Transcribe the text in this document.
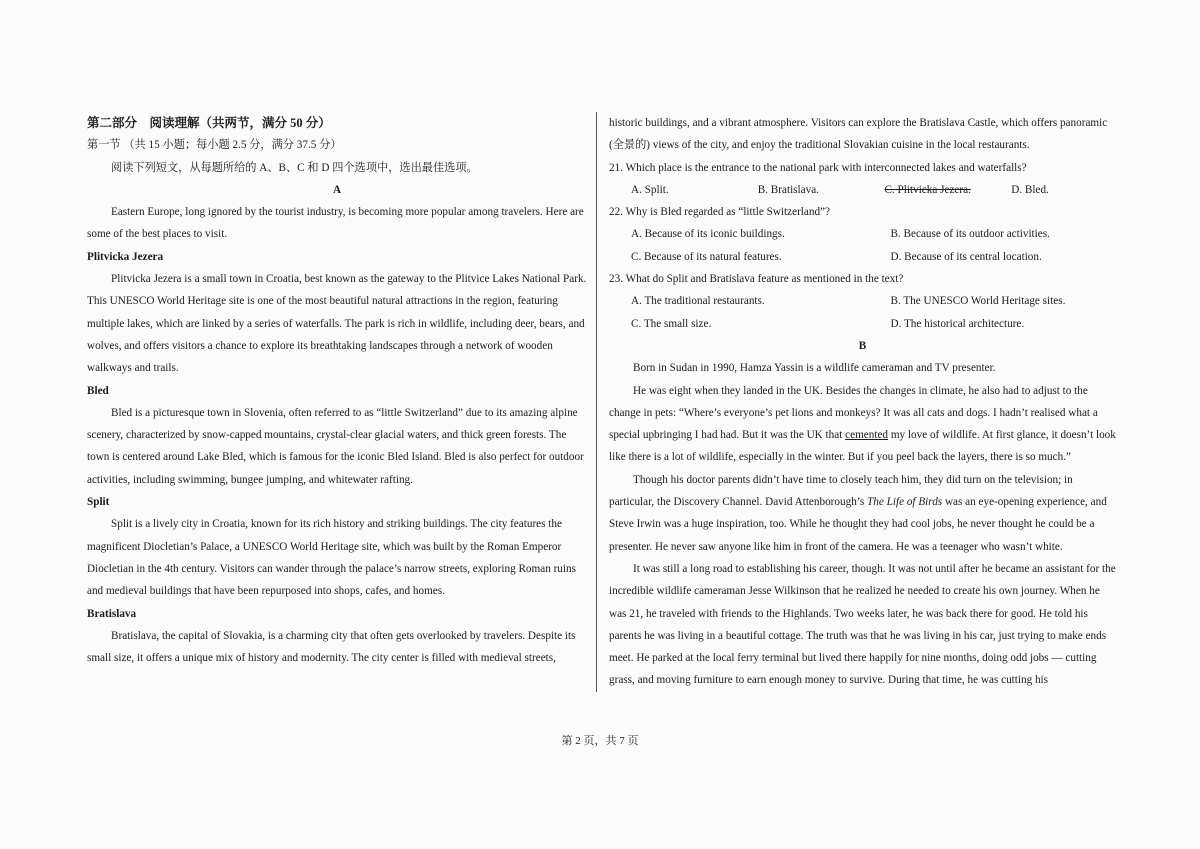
第二部分　阅读理解（共两节，满分 50 分）

第一节 （共 15 小题；每小题 2.5 分，满分 37.5 分）

阅读下列短文，从每题所给的 A、B、C 和 D 四个选项中，选出最佳选项。

A

Eastern Europe, long ignored by the tourist industry, is becoming more popular among travelers. Here are some of the best places to visit.

Plitvicka Jezera

Plitvicka Jezera is a small town in Croatia, best known as the gateway to the Plitvice Lakes National Park. This UNESCO World Heritage site is one of the most beautiful natural attractions in the region, featuring multiple lakes, which are linked by a series of waterfalls. The park is rich in wildlife, including deer, bears, and wolves, and offers visitors a chance to explore its breathtaking landscapes through a network of wooden walkways and trails.

Bled

Bled is a picturesque town in Slovenia, often referred to as “little Switzerland” due to its amazing alpine scenery, characterized by snow-capped mountains, crystal-clear glacial waters, and thick green forests. The town is centered around Lake Bled, which is famous for the iconic Bled Island. Bled is also perfect for outdoor activities, including swimming, bungee jumping, and whitewater rafting.

Split

Split is a lively city in Croatia, known for its rich history and striking buildings. The city features the magnificent Diocletian’s Palace, a UNESCO World Heritage site, which was built by the Roman Emperor Diocletian in the 4th century. Visitors can wander through the palace’s narrow streets, exploring Roman ruins and medieval buildings that have been repurposed into shops, cafes, and homes.

Bratislava

Bratislava, the capital of Slovakia, is a charming city that often gets overlooked by travelers. Despite its small size, it offers a unique mix of history and modernity. The city center is filled with medieval streets,

historic buildings, and a vibrant atmosphere. Visitors can explore the Bratislava Castle, which offers panoramic (全景的) views of the city, and enjoy the traditional Slovakian cuisine in the local restaurants.

21. Which place is the entrance to the national park with interconnected lakes and waterfalls?

A. Split.	B. Bratislava.	C. Plitvicka Jezera.	D. Bled.

22. Why is Bled regarded as “little Switzerland”?

A. Because of its iconic buildings.	B. Because of its outdoor activities.
C. Because of its natural features.	D. Because of its central location.

23. What do Split and Bratislava feature as mentioned in the text?

A. The traditional restaurants.	B. The UNESCO World Heritage sites.
C. The small size.	D. The historical architecture.

B

Born in Sudan in 1990, Hamza Yassin is a wildlife cameraman and TV presenter.

He was eight when they landed in the UK. Besides the changes in climate, he also had to adjust to the change in pets: “Where’s everyone’s pet lions and monkeys? It was all cats and dogs. I hadn’t realised what a special upbringing I had had. But it was the UK that cemented my love of wildlife. At first glance, it doesn’t look like there is a lot of wildlife, especially in the winter. But if you peel back the layers, there is so much.”

Though his doctor parents didn’t have time to closely teach him, they did turn on the television; in particular, the Discovery Channel. David Attenborough’s The Life of Birds was an eye-opening experience, and Steve Irwin was a huge inspiration, too. While he thought they had cool jobs, he never thought he could be a presenter. He never saw anyone like him in front of the camera. He was a teenager who wasn’t white.

It was still a long road to establishing his career, though. It was not until after he became an assistant for the incredible wildlife cameraman Jesse Wilkinson that he realized he needed to create his own journey. When he was 21, he traveled with friends to the Highlands. Two weeks later, he was back there for good. He told his parents he was living in a beautiful cottage. The truth was that he was living in his car, just trying to make ends meet. He parked at the local ferry terminal but lived there happily for nine months, doing odd jobs — cutting grass, and moving furniture to earn enough money to survive. During that time, he was cutting his

第 2 页，共 7 页
